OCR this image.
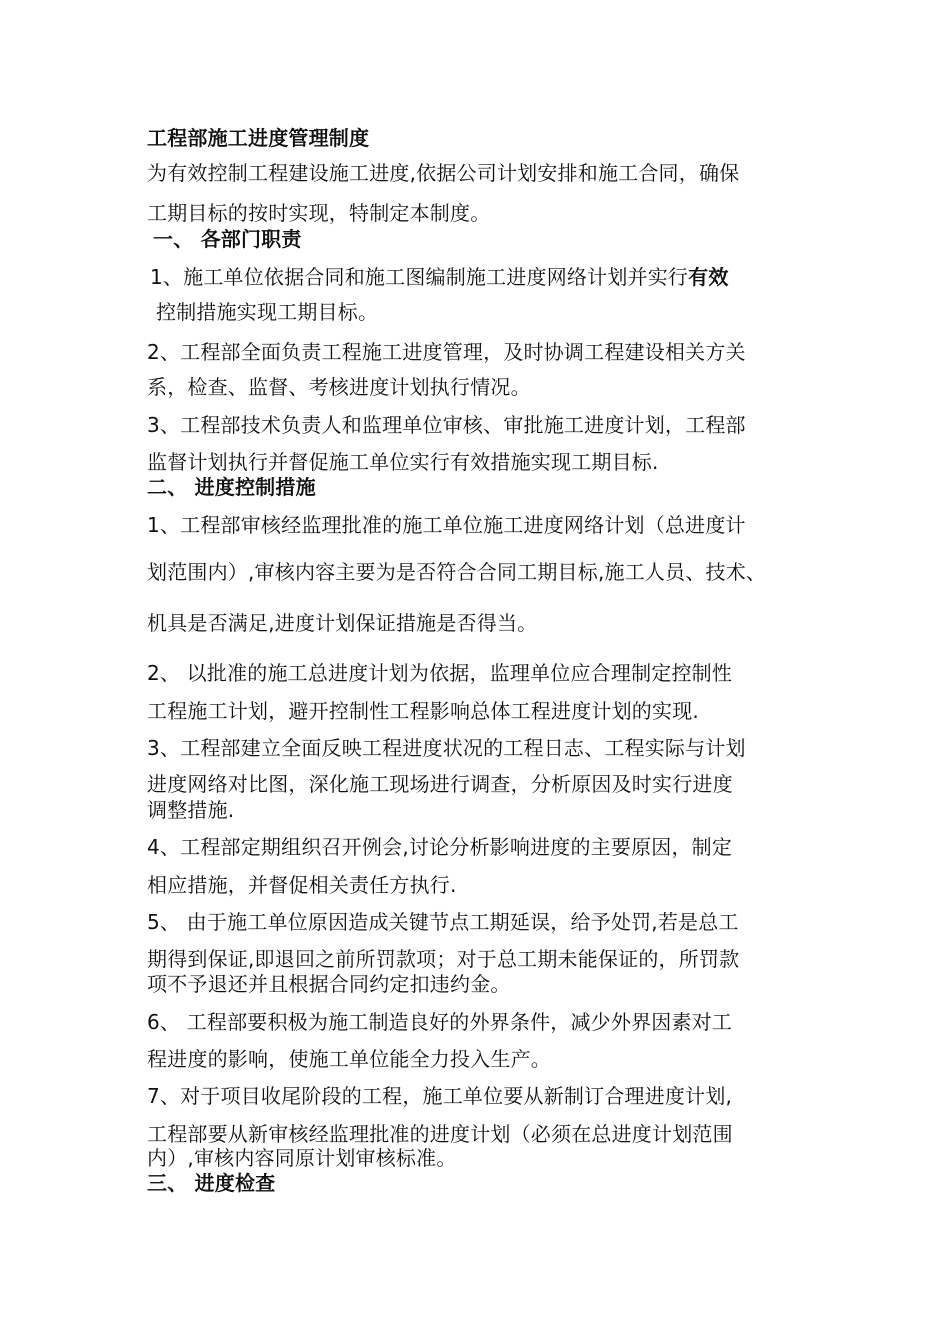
工程部施工进度管理制度
为有效控制工程建设施工进度,依据公司计划安排和施工合同，确保
工期目标的按时实现，特制定本制度。
一、 各部门职责
1、施工单位依据合同和施工图编制施工进度网络计划并实行有效
控制措施实现工期目标。
2、工程部全面负责工程施工进度管理，及时协调工程建设相关方关
系，检查、监督、考核进度计划执行情况。
3、工程部技术负责人和监理单位审核、审批施工进度计划，工程部
监督计划执行并督促施工单位实行有效措施实现工期目标.
二、 进度控制措施
1、工程部审核经监理批准的施工单位施工进度网络计划（总进度计
划范围内）,审核内容主要为是否符合合同工期目标,施工人员、技术、
机具是否满足,进度计划保证措施是否得当。
2、 以批准的施工总进度计划为依据，监理单位应合理制定控制性
工程施工计划，避开控制性工程影响总体工程进度计划的实现.
3、工程部建立全面反映工程进度状况的工程日志、工程实际与计划
进度网络对比图，深化施工现场进行调查，分析原因及时实行进度
调整措施.
4、工程部定期组织召开例会,讨论分析影响进度的主要原因，制定
相应措施，并督促相关责任方执行.
5、 由于施工单位原因造成关键节点工期延误，给予处罚,若是总工
期得到保证,即退回之前所罚款项；对于总工期未能保证的，所罚款
项不予退还并且根据合同约定扣违约金。
6、 工程部要积极为施工制造良好的外界条件，减少外界因素对工
程进度的影响，使施工单位能全力投入生产。
7、对于项目收尾阶段的工程，施工单位要从新制订合理进度计划,
工程部要从新审核经监理批准的进度计划（必须在总进度计划范围
内）,审核内容同原计划审核标准。
三、 进度检查
